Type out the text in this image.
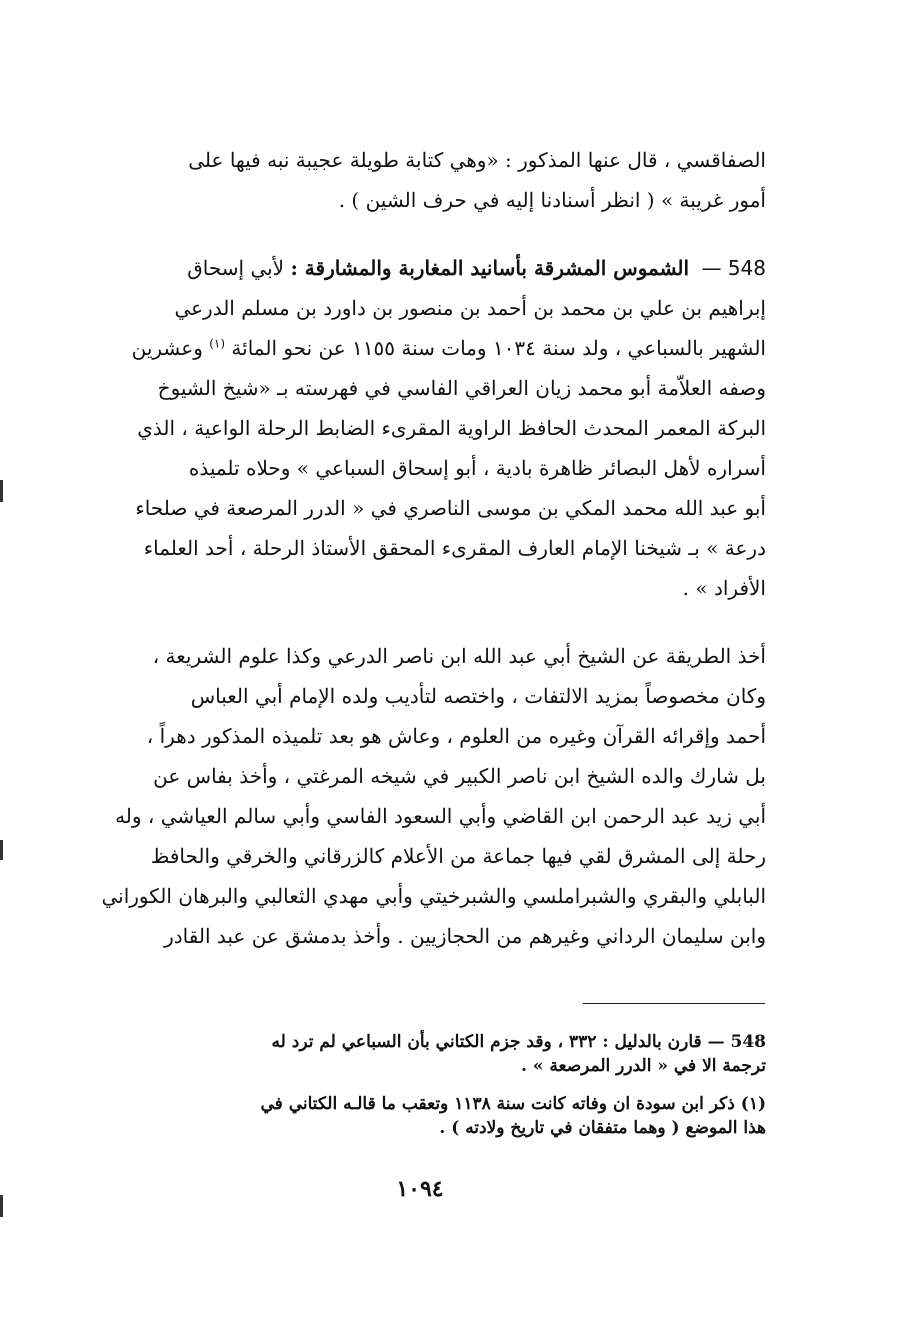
الصفاقسي ، قال عنها المذكور : «وهي كتابة طويلة عجيبة نبه فيها على
أمور غريبة » ( انظر أسنادنا إليه في حرف الشين ) .
548 — الشموس المشرقة بأسانيد المغاربة والمشارقة : لأبي إسحاق
إبراهيم بن علي بن محمد بن أحمد بن منصور بن داورد بن مسلم الدرعي
الشهير بالسباعي ، ولد سنة ١٠٣٤ ومات سنة ١١٥٥ عن نحو المائة $^{(١)}$ وعشرين
وصفه العلاّمة أبو محمد زيان العراقي الفاسي في فهرسته بـ «شيخ الشيوخ
البركة المعمر المحدث الحافظ الراوية المقرىء الضابط الرحلة الواعية ، الذي
أسراره لأهل البصائر ظاهرة بادية ، أبو إسحاق السباعي » وحلاه تلميذه
أبو عبد الله محمد المكي بن موسى الناصري في « الدرر المرصعة في صلحاء
درعة » بـ شيخنا الإمام العارف المقرىء المحقق الأستاذ الرحلة ، أحد العلماء
الأفراد » .
أخذ الطريقة عن الشيخ أبي عبد الله ابن ناصر الدرعي وكذا علوم الشريعة ،
وكان مخصوصاً بمزيد الالتفات ، واختصه لتأديب ولده الإمام أبي العباس
أحمد وإقرائه القرآن وغيره من العلوم ، وعاش هو بعد تلميذه المذكور دهراً ،
بل شارك والده الشيخ ابن ناصر الكبير في شيخه المرغتي ، وأخذ بفاس عن
أبي زيد عبد الرحمن ابن القاضي وأبي السعود الفاسي وأبي سالم العياشي ، وله
رحلة إلى المشرق لقي فيها جماعة من الأعلام كالزرقاني والخرقي والحافظ
البابلي والبقري والشبراملسي والشبرخيتي وأبي مهدي الثعالبي والبرهان الكوراني
وابن سليمان الرداني وغيرهم من الحجازيين . وأخذ بدمشق عن عبد القادر
548 — قارن بالدليل : ٣٣٢ ، وقد جزم الكتاني بأن السباعي لم ترد له
ترجمة الا في « الدرر المرصعة » .
(١) ذكر ابن سودة ان وفاته كانت سنة ١١٣٨ وتعقب ما قالـه الكتاني في
هذا الموضع ( وهما متفقان في تاريخ ولادته ) .
١٠٩٤
